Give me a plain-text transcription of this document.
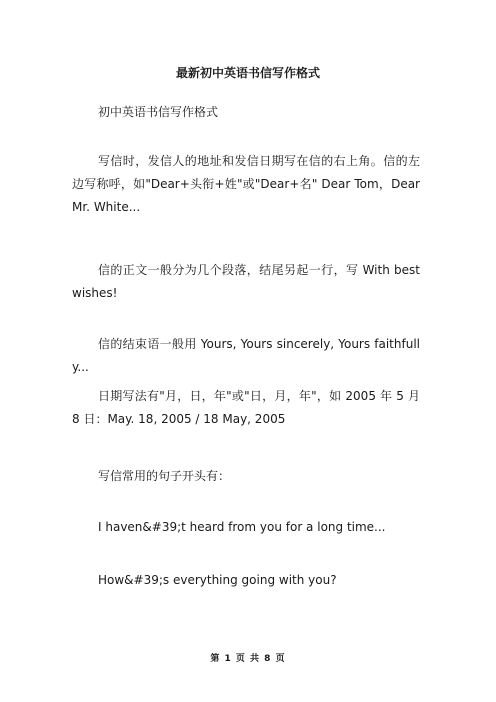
最新初中英语书信写作格式

初中英语书信写作格式

写信时，发信人的地址和发信日期写在信的右上角。信的左边写称呼，如"Dear+头衔+姓"或"Dear+名" Dear Tom，Dear Mr. White...

信的正文一般分为几个段落，结尾另起一行，写 With best wishes!

信的结束语一般用 Yours, Yours sincerely, Yours faithfully...

日期写法有"月，日，年"或"日，月，年"，如 2005 年 5 月 8 日：May. 18, 2005 / 18 May, 2005

写信常用的句子开头有：

I haven&#39;t heard from you for a long time...

How&#39;s everything going with you?

第 1 页 共 8 页
